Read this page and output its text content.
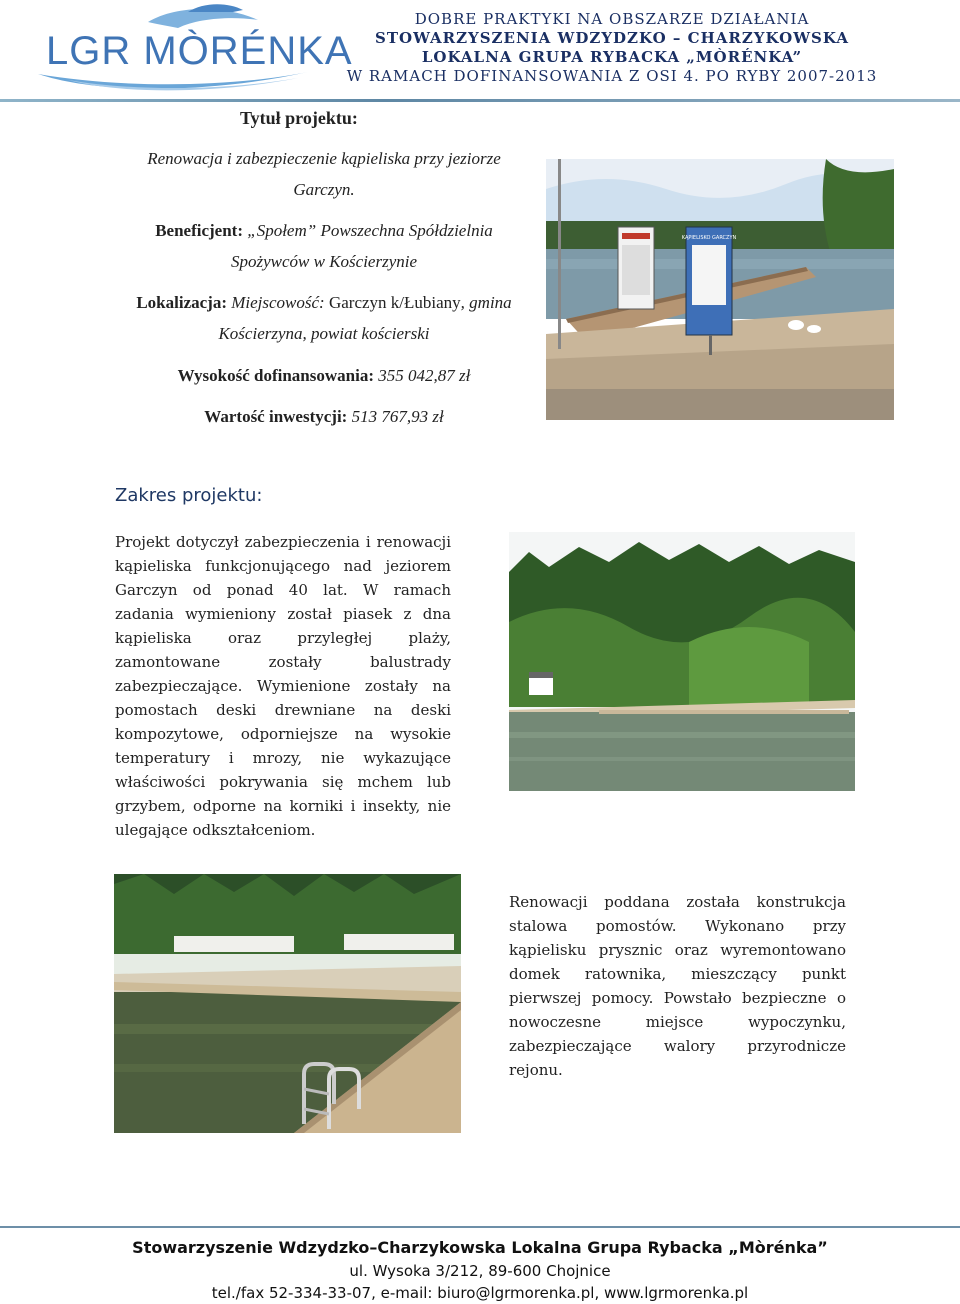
LGR MÒRÉNKA
DOBRE PRAKTYKI NA OBSZARZE DZIAŁANIA
STOWARZYSZENIA WDZYDZKO – CHARZYKOWSKA
LOKALNA GRUPA RYBACKA „MÒRÉNKA”
W RAMACH DOFINANSOWANIA Z OSI 4. PO RYBY 2007-2013
Tytuł projektu:
Renowacja i zabezpieczenie kąpieliska przy jeziorze
Garczyn.
Beneficjent: „Społem” Powszechna Spółdzielnia
Spożywców w Kościerzynie
Lokalizacja: Miejscowość: Garczyn k/Łubiany, gmina
Kościerzyna, powiat kościerski
Wysokość dofinansowania: 355 042,87 zł
Wartość inwestycji: 513 767,93 zł
KĄPIELISKO GARCZYN
Zakres projektu:
Projekt dotyczył zabezpieczenia i renowacji kąpieliska funkcjonującego nad jeziorem Garczyn od ponad 40 lat. W ramach zadania wymieniony został piasek z dna kąpieliska oraz przyległej plaży, zamontowane zostały balustrady zabezpieczające. Wymienione zostały na pomostach deski drewniane na deski kompozytowe, odporniejsze na wysokie temperatury i mrozy, nie wykazujące właściwości pokrywania się mchem lub grzybem, odporne na korniki i insekty, nie ulegające odkształceniom.
Renowacji poddana została konstrukcja stalowa pomostów. Wykonano przy kąpielisku prysznic oraz wyremontowano domek ratownika, mieszczący punkt pierwszej pomocy. Powstało bezpieczne o nowoczesne miejsce wypoczynku, zabezpieczające walory przyrodnicze rejonu.
Stowarzyszenie Wdzydzko–Charzykowska Lokalna Grupa Rybacka „Mòrénka”
ul. Wysoka 3/212, 89-600 Chojnice
tel./fax 52-334-33-07, e-mail: biuro@lgrmorenka.pl, www.lgrmorenka.pl
